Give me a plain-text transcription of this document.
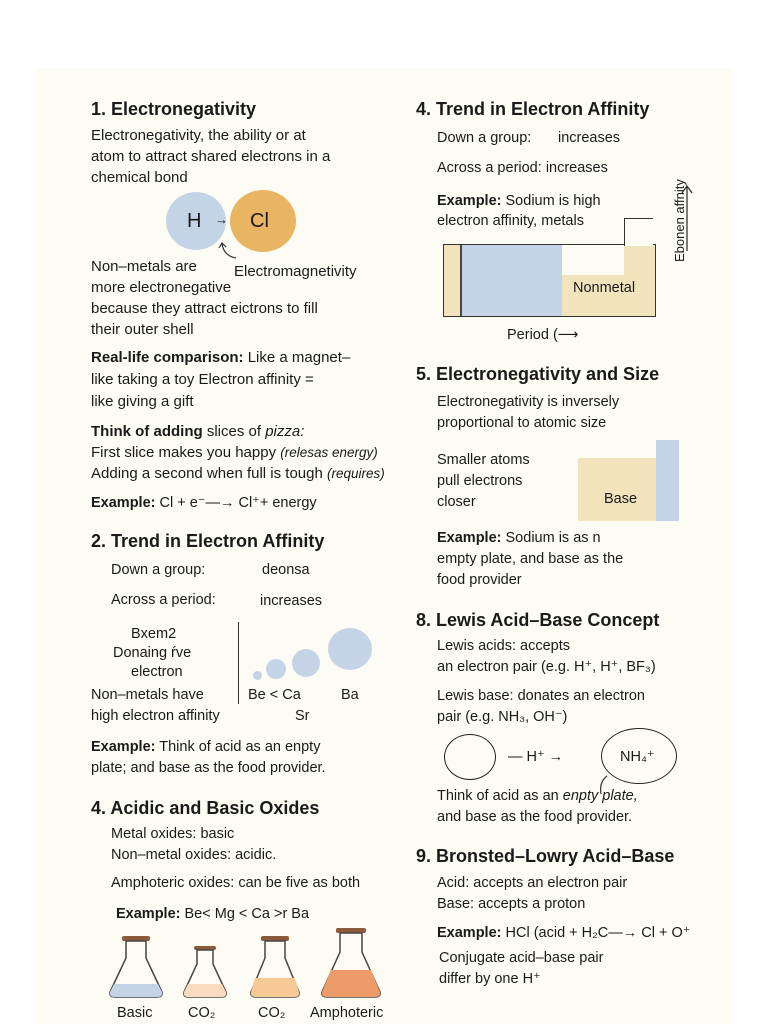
1. Electronegativity
Electronegativity, the ability or at
atom to attract shared electrons in a
chemical bond
H → Cl
Non–metals are Electromagnetivity
more electronegative
because they attract eictrons to fill
their outer shell
Real-life comparison: Like a magnet–
like taking a toy Electron affinity =
like giving a gift
Think of adding slices of pizza:
First slice makes you happy (relesas energy)
Adding a second when full is tough (requires)
Example: Cl + e⁻—→ Cl⁺+ energy
2. Trend in Electron Affinity
Down a group:	deonsa
Across a period:	increases
Bxem2
Donaing ŕve
electron
Non–metals have
high electron affinity
Be < Ca	Ba
Sr
Example: Think of acid as an enpty
plate; and base as the food provider.
4. Acidic and Basic Oxides
Metal oxides: basic
Non–metal oxides: acidic.
Amphoteric oxides: can be five as both
Example: Be< Mg < Ca >r Ba
Basic CO₂	CO₂ Amphoteric
4. Trend in Electron Affinity
Down a group: increases
Across a period: increases
Example: Sodium is high
electron affinity, metals
Nonmetal
Period (⟶
Ebonen affnity
5. Electronegativity and Size
Electronegativity is inversely
proportional to atomic size
Smaller atoms
pull electrons
closer	Base
Example: Sodium is as n
empty plate, and base as the
food provider
8. Lewis Acid–Base Concept
Lewis acids: accepts
an electron pair (e.g. H⁺, H⁺, BF₃)
Lewis base: donates an electron
pair (e.g. NH₃, OH⁻)
— H⁺ →	NH₄⁺
Think of acid as an enpty plate,
and base as the food provider.
9. Bronsted–Lowry Acid–Base
Acid: accepts an electron pair
Base: accepts a proton
Example: HCl (acid + H₂C—→ Cl + O⁺
Conjugate acid–base pair
differ by one H⁺
